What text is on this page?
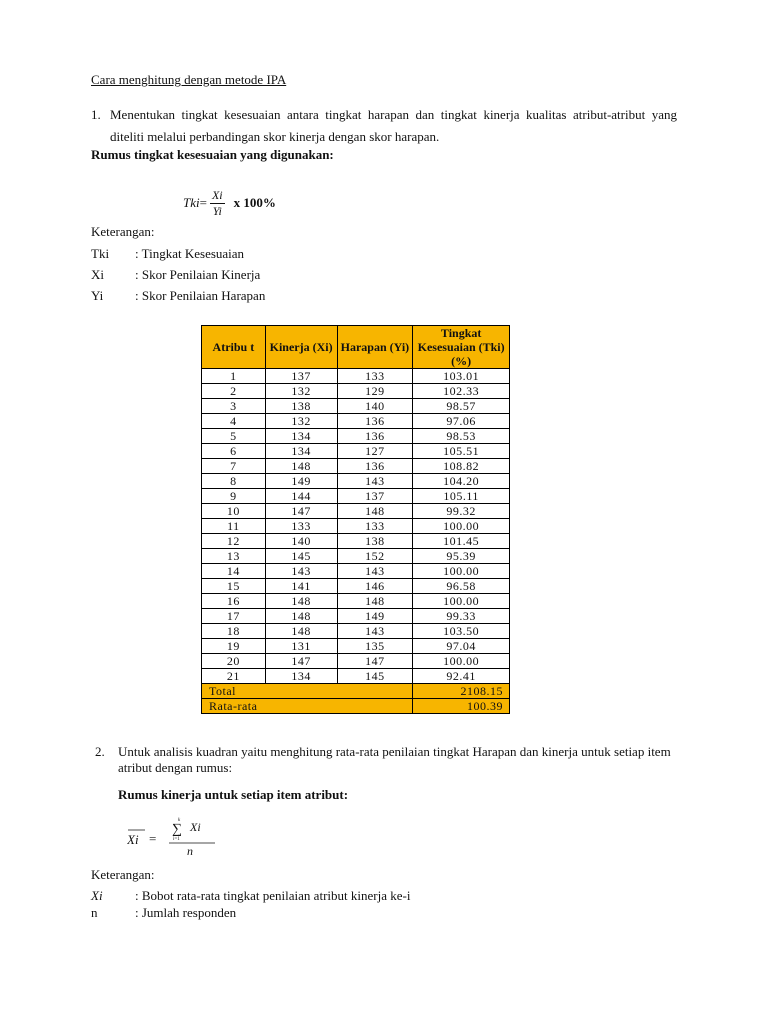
Cara menghitung dengan metode IPA
1. Menentukan tingkat kesesuaian antara tingkat harapan dan tingkat kinerja kualitas atribut-atribut yang diteliti melalui perbandingan skor kinerja dengan skor harapan.
Rumus tingkat kesesuaian yang digunakan:
Tki = $\frac{Xi}{Yi}$ x 100%
Keterangan:
Tki : Tingkat Kesesuaian
Xi : Skor Penilaian Kinerja
Yi : Skor Penilaian Harapan
Atribu t	Kinerja (Xi)	Harapan (Yi)	Tingkat Kesesuaian (Tki) (%)
1	137	133	103.01
2	132	129	102.33
3	138	140	98.57
4	132	136	97.06
5	134	136	98.53
6	134	127	105.51
7	148	136	108.82
8	149	143	104.20
9	144	137	105.11
10	147	148	99.32
11	133	133	100.00
12	140	138	101.45
13	145	152	95.39
14	143	143	100.00
15	141	146	96.58
16	148	148	100.00
17	148	149	99.33
18	148	143	103.50
19	131	135	97.04
20	147	147	100.00
21	134	145	92.41
Total			2108.15
Rata-rata			100.39
2. Untuk analisis kuadran yaitu menghitung rata-rata penilaian tingkat Harapan dan kinerja untuk setiap item atribut dengan rumus:
Rumus kinerja untuk setiap item atribut:
Xi =
k
∑
i=1
Xi
n
Keterangan:
Xi : Bobot rata-rata tingkat penilaian atribut kinerja ke-i
n	: Jumlah responden
